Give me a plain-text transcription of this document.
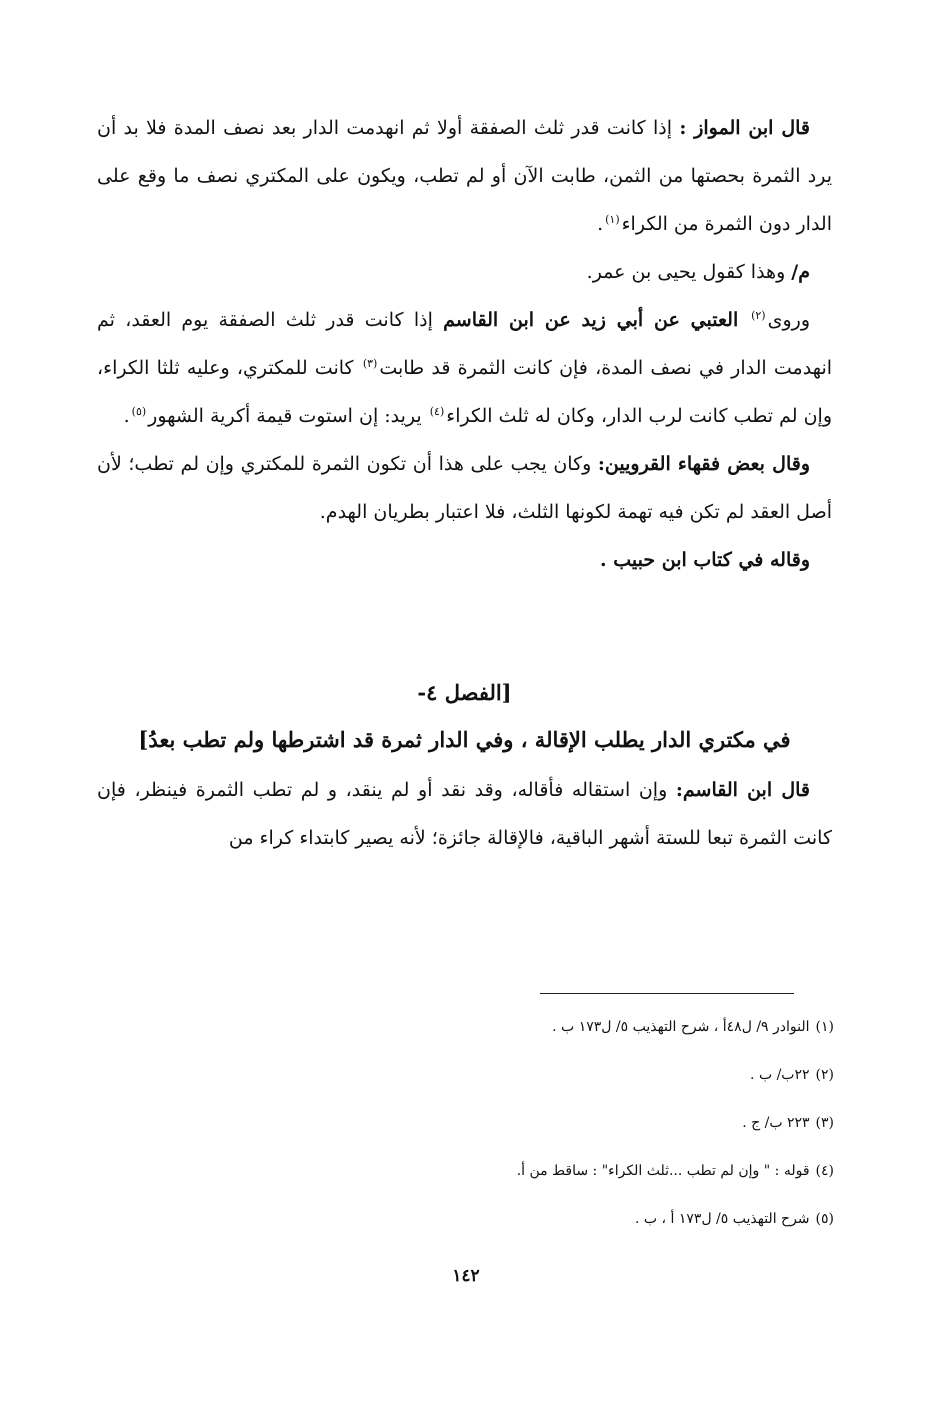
قال ابن المواز : إذا كانت قدر ثلث الصفقة أولا ثم انهدمت الدار بعد نصف المدة فلا بد أن يرد الثمرة بحصتها من الثمن، طابت الآن أو لم تطب، ويكون على المكتري نصف ما وقع على الدار دون الثمرة من الكراء$^{(١)}$.

م/ وهذا كقول يحيى بن عمر.

وروى$^{(٢)}$ العتبي عن أبي زيد عن ابن القاسم إذا كانت قدر ثلث الصفقة يوم العقد، ثم انهدمت الدار في نصف المدة، فإن كانت الثمرة قد طابت$^{(٣)}$ كانت للمكتري، وعليه ثلثا الكراء، وإن لم تطب كانت لرب الدار، وكان له ثلث الكراء$^{(٤)}$ يريد: إن استوت قيمة أكرية الشهور$^{(٥)}$.

وقال بعض فقهاء القرويين: وكان يجب على هذا أن تكون الثمرة للمكتري وإن لم تطب؛ لأن أصل العقد لم تكن فيه تهمة لكونها الثلث، فلا اعتبار بطريان الهدم.

وقاله في كتاب ابن حبيب .

[الفصل ٤-
في مكتري الدار يطلب الإقالة ، وفي الدار ثمرة قد اشترطها ولم تطب بعدُ]

قال ابن القاسم: وإن استقاله فأقاله، وقد نقد أو لم ينقد، و لم تطب الثمرة فينظر، فإن كانت الثمرة تبعا للستة أشهر الباقية، فالإقالة جائزة؛ لأنه يصير كابتداء كراء من

(١)النوادر ٩/ ل٤٨أ ، شرح التهذيب ٥/ ل١٧٣ ب .

(٢)٢٢ب/ ب .

(٣)٢٢٣ ب/ ج .

(٤)قوله : " وإن لم تطب ...ثلث الكراء" : ساقط من أ.

(٥)شرح التهذيب ٥/ ل١٧٣ أ ، ب .

١٤٢
